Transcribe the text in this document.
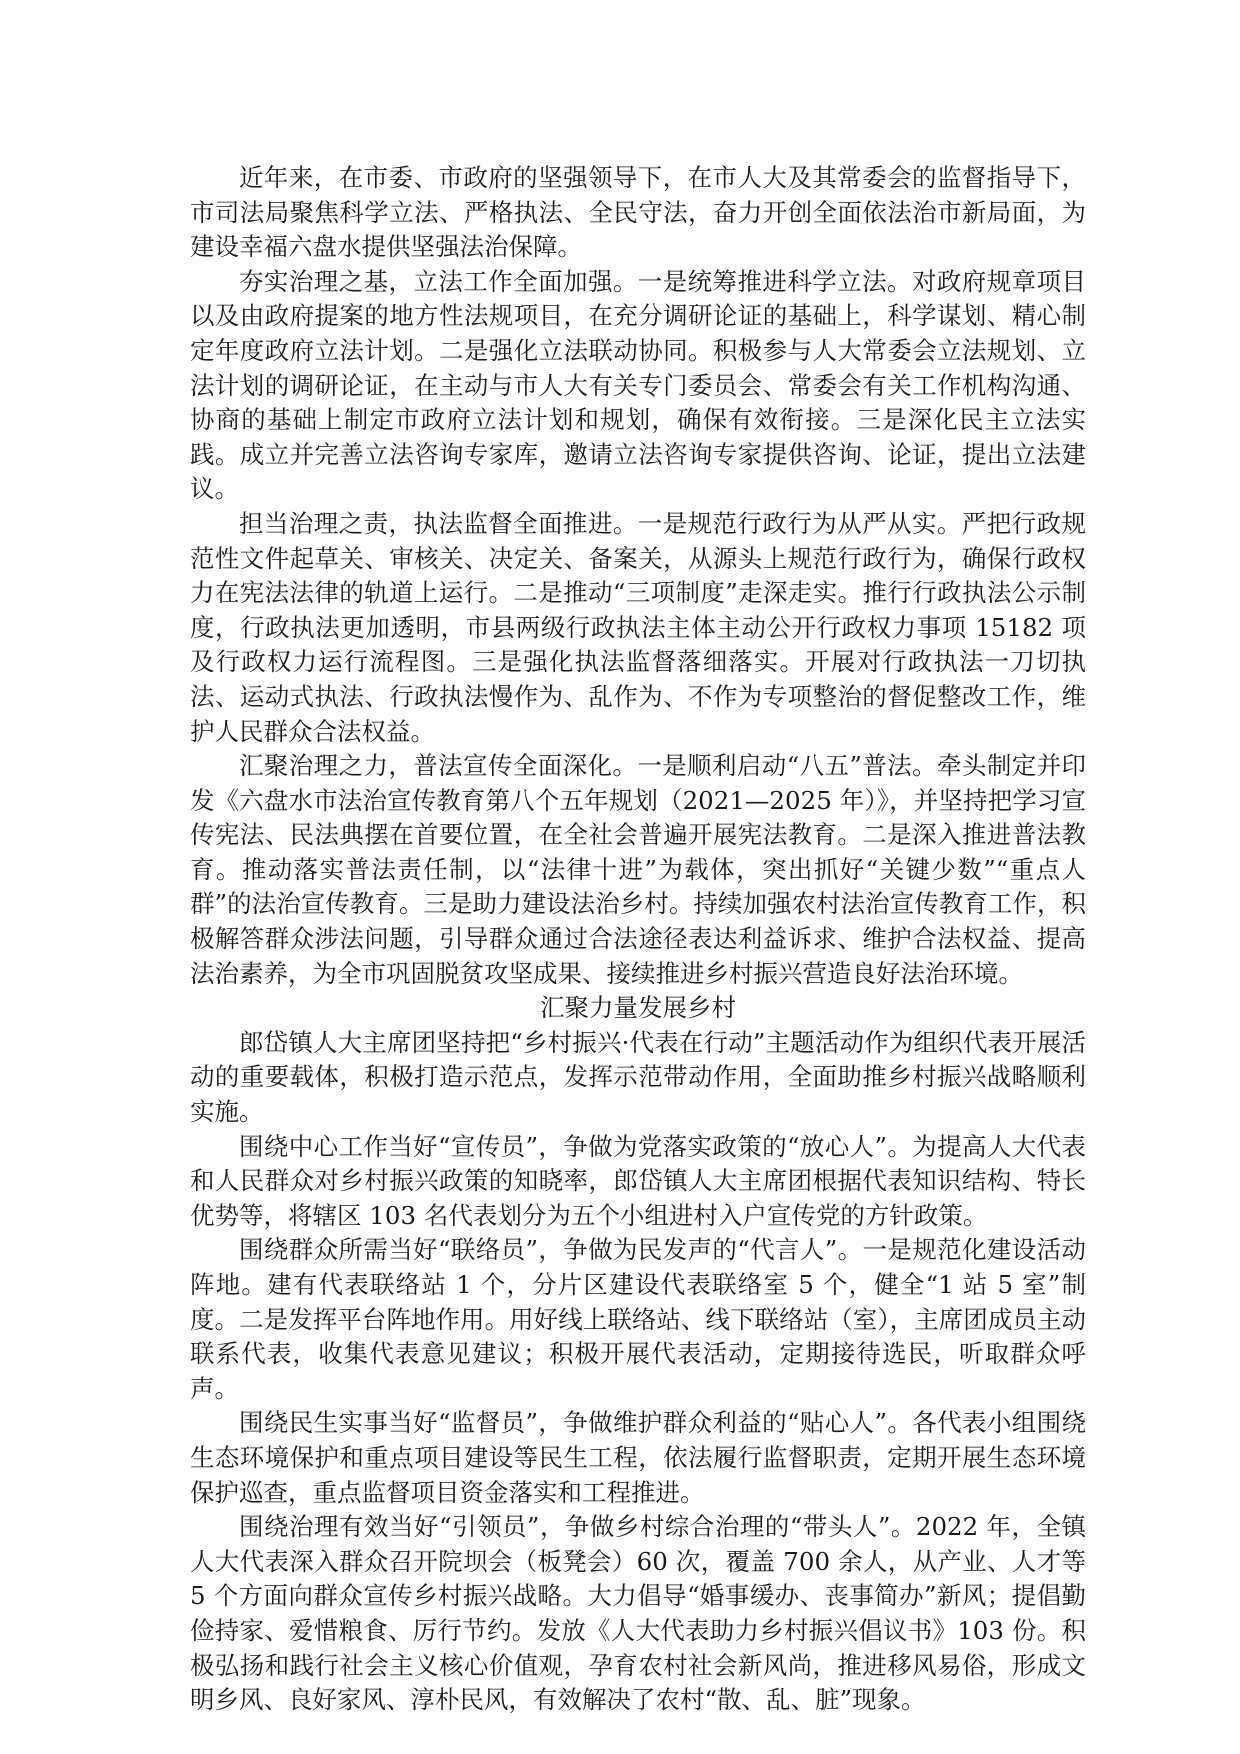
近年来，在市委、市政府的坚强领导下，在市人大及其常委会的监督指导下，市司法局聚焦科学立法、严格执法、全民守法，奋力开创全面依法治市新局面，为建设幸福六盘水提供坚强法治保障。

夯实治理之基，立法工作全面加强。一是统筹推进科学立法。对政府规章项目以及由政府提案的地方性法规项目，在充分调研论证的基础上，科学谋划、精心制定年度政府立法计划。二是强化立法联动协同。积极参与人大常委会立法规划、立法计划的调研论证，在主动与市人大有关专门委员会、常委会有关工作机构沟通、协商的基础上制定市政府立法计划和规划，确保有效衔接。三是深化民主立法实践。成立并完善立法咨询专家库，邀请立法咨询专家提供咨询、论证，提出立法建议。

担当治理之责，执法监督全面推进。一是规范行政行为从严从实。严把行政规范性文件起草关、审核关、决定关、备案关，从源头上规范行政行为，确保行政权力在宪法法律的轨道上运行。二是推动“三项制度”走深走实。推行行政执法公示制度，行政执法更加透明，市县两级行政执法主体主动公开行政权力事项 15182 项及行政权力运行流程图。三是强化执法监督落细落实。开展对行政执法一刀切执法、运动式执法、行政执法慢作为、乱作为、不作为专项整治的督促整改工作，维护人民群众合法权益。

汇聚治理之力，普法宣传全面深化。一是顺利启动“八五”普法。牵头制定并印发《六盘水市法治宣传教育第八个五年规划（2021—2025 年）》，并坚持把学习宣传宪法、民法典摆在首要位置，在全社会普遍开展宪法教育。二是深入推进普法教育。推动落实普法责任制，以“法律十进”为载体，突出抓好“关键少数”“重点人群”的法治宣传教育。三是助力建设法治乡村。持续加强农村法治宣传教育工作，积极解答群众涉法问题，引导群众通过合法途径表达利益诉求、维护合法权益、提高法治素养，为全市巩固脱贫攻坚成果、接续推进乡村振兴营造良好法治环境。

汇聚力量发展乡村

郎岱镇人大主席团坚持把“乡村振兴·代表在行动”主题活动作为组织代表开展活动的重要载体，积极打造示范点，发挥示范带动作用，全面助推乡村振兴战略顺利实施。

围绕中心工作当好“宣传员”，争做为党落实政策的“放心人”。为提高人大代表和人民群众对乡村振兴政策的知晓率，郎岱镇人大主席团根据代表知识结构、特长优势等，将辖区 103 名代表划分为五个小组进村入户宣传党的方针政策。

围绕群众所需当好“联络员”，争做为民发声的“代言人”。一是规范化建设活动阵地。建有代表联络站 1 个，分片区建设代表联络室 5 个，健全“1 站 5 室”制度。二是发挥平台阵地作用。用好线上联络站、线下联络站（室），主席团成员主动联系代表，收集代表意见建议；积极开展代表活动，定期接待选民，听取群众呼声。

围绕民生实事当好“监督员”，争做维护群众利益的“贴心人”。各代表小组围绕生态环境保护和重点项目建设等民生工程，依法履行监督职责，定期开展生态环境保护巡查，重点监督项目资金落实和工程推进。

围绕治理有效当好“引领员”，争做乡村综合治理的“带头人”。2022 年，全镇人大代表深入群众召开院坝会（板凳会）60 次，覆盖 700 余人，从产业、人才等 5 个方面向群众宣传乡村振兴战略。大力倡导“婚事缓办、丧事简办”新风；提倡勤俭持家、爱惜粮食、厉行节约。发放《人大代表助力乡村振兴倡议书》103 份。积极弘扬和践行社会主义核心价值观，孕育农村社会新风尚，推进移风易俗，形成文明乡风、良好家风、淳朴民风，有效解决了农村“散、乱、脏”现象。
